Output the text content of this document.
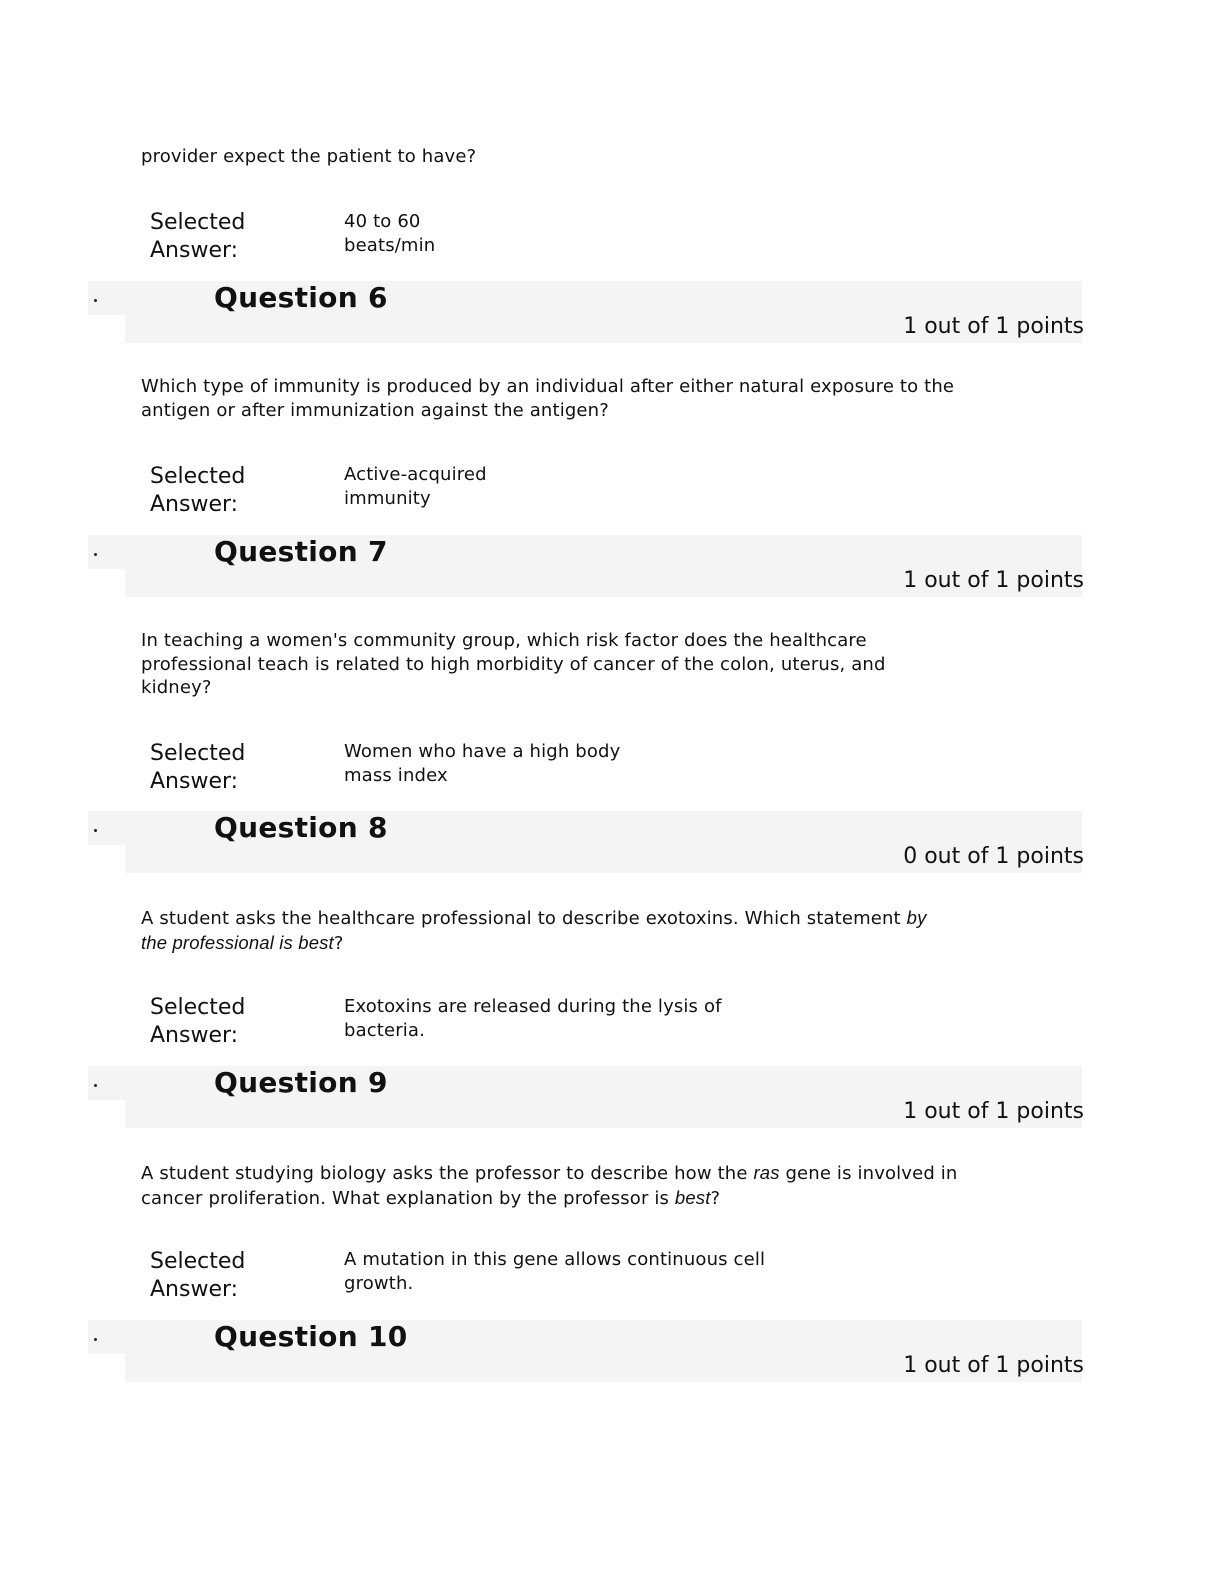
provider expect the patient to have?

Selected
Answer:
40 to 60
beats/min
Question 6
1 out of 1 points

Which type of immunity is produced by an individual after either natural exposure to the
antigen or after immunization against the antigen?

Selected
Answer:
Active-acquired
immunity
Question 7
1 out of 1 points

In teaching a women's community group, which risk factor does the healthcare
professional teach is related to high morbidity of cancer of the colon, uterus, and
kidney?

Selected
Answer:
Women who have a high body
mass index
Question 8
0 out of 1 points

A student asks the healthcare professional to describe exotoxins. Which statement by
the professional is best?

Selected
Answer:
Exotoxins are released during the lysis of
bacteria.
Question 9
1 out of 1 points

A student studying biology asks the professor to describe how the ras gene is involved in
cancer proliferation. What explanation by the professor is best?

Selected
Answer:
A mutation in this gene allows continuous cell
growth.
Question 10
1 out of 1 points
